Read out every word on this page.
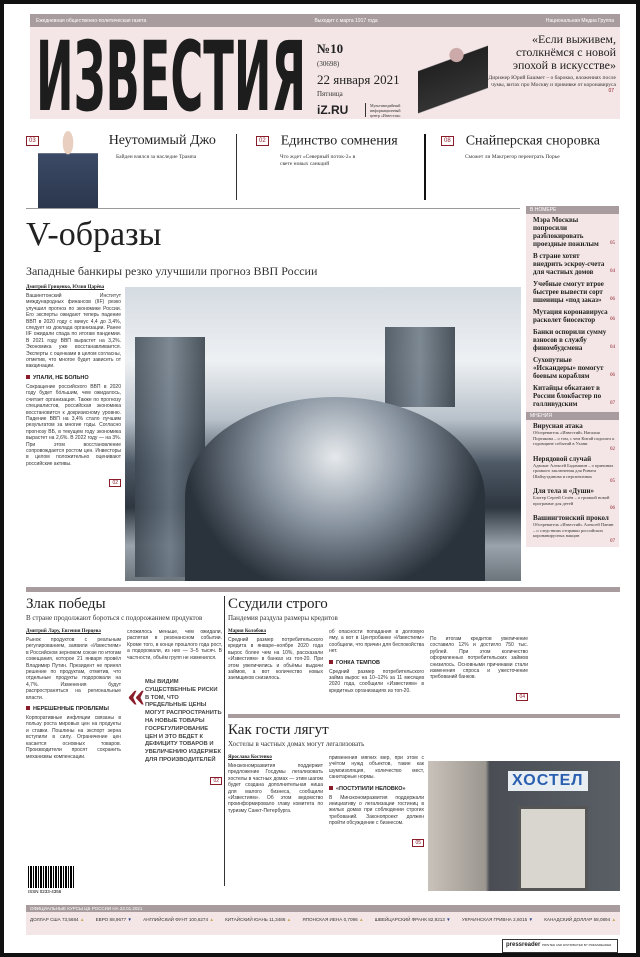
Ежедневная общественно-политическая газета	Выходит с марта 1917 года	Национальная Медиа Группа
ИЗВЕСТИЯ №10
(30698)
22 января 2021
Пятница
iZ.RU	Мультимедийный информационный центр «Известия»
«Если выживем, столкнёмся с новой эпохой в искусстве»
Дирижер Юрий Башмет – о барокко, вложениях после чумы, витах про Москву и прививке от коронавируса 07
03	Неутомимый Джо
Байден взялся за наследие Трампа
02 Единство сомнения
Что ждет «Северный поток-2» в свете новых санкций
08 Снайперская сноровка
Сможет ли Макгрегор переиграть Порье
V-образы
Западные банкиры резко улучшили прогноз ВВП России
Дмитрий Гриценко, Юлия Царёва
Вашингтонский Институт международных финансов (IIF) резко улучшил прогноз по экономике России. Его эксперты ожидают теперь падение ВВП в 2020 году с минус 4,4 до 3,4%, следует из доклада организации. Ранее IIF ожидали спада по итогам пандемии. В 2021 году ВВП вырастет на 3,2%. Экономика уже восстанавливается. Эксперты с оценками в целом согласны, отметив, что многое будет зависеть от вакцинации.
УПАЛИ, НЕ БОЛЬНО
Сокращение российского ВВП в 2020 году будет бóльшим, чем ожидалось, считает организация. Также по прогнозу специалистов, российская экономика восстановится к докризисному уровню. Падение ВВП на 3,4% стало лучшим результатом за многие годы. Согласно прогнозу ВБ, в текущем году экономика вырастет на 2,6%. В 2022 году — на 3%. При этом восстановление сопровождается ростом цен. Инвесторы в целом положительно оценивают российские активы.
02
В НОМЕРЕ
Мэра Москвы попросили разблокировать проездные пожилым	05
В стране хотят внедрить эскроу-счета для частных домов	04
Учебные смогут втрое быстрее вывести сорт пшеницы «под заказ»	06
Мутация коронавируса расколет биосектор	06
Банки оспорили сумму взносов в службу финомбудсмена	04
Сухопутные «Искандеры» помогут боевым кораблям	06
Китайцы обкатают в России блокбастер по голливудским	07
МНЕНИЯ
Вирусная атака
Обозреватель «Известий» Наталия Портякова – о том, с чем Китай подошел к годовщине событий в Ухани
02
Нерядовой случай
Адвокат Алексей Бадамшин – о причинах громкого заключения для Рината Шайхутдинова и перспективах
05
Для тела и «Души»
Блогер Сергей Селёв – о громкой новой программе для детей
06
Вашингтонский прокол
Обозреватель «Известий» Алексей Панин – о следствиях отправки российских коронавирусных вакцин
07
Злак победы
В стране продолжают бороться с подорожанием продуктов
Дмитрий Лару, Евгения Перцева
Рынок продуктов с реальным регулированием, заявили «Известиям» в Российском зерновом союзе по итогам совещания, которое 21 января провёл Владимир Путин. Президент не принял решение по продуктам, отметив, что отдельные продукты подорожали на 4,7%. Изменения будут распространяться на региональные власти.
НЕРЕШЕННЫЕ ПРОБЛЕМЫ
Корпоративные инфляции связаны в пользу роста мировых цен на продукты и ставки. Пошлины на экспорт зерна вступили в силу. Ограничение цен касается основных товаров. Производители просят сохранить механизмы компенсации.
сложилось меньше, чем ожидали, распятая в резонансном событии. Кроме того, в конце прошлого года рост, а подорожали, из них — 3–5 тысяч. В частности, объём групп не изменился.
« МЫ ВИДИМ СУЩЕСТВЕННЫЕ РИСКИ В ТОМ, ЧТО ПРЕДЕЛЬНЫЕ ЦЕНЫ МОГУТ РАСПРОСТРАНИТЬ НА НОВЫЕ ТОВАРЫ ГОСРЕГУЛИРОВАНИЕ ЦЕН И ЭТО ВЕДЕТ К ДЕФИЦИТУ ТОВАРОВ И УВЕЛИЧЕНИЮ ИЗДЕРЖЕК ДЛЯ ПРОИЗВОДИТЕЛЕЙ
02
ISSN 0233-4356
Ссудили строго
Пандемия раздула размеры кредитов
Мария Колобова
Средний размер потребительского кредита в январе–ноябре 2020 года вырос более чем на 10%, рассказали «Известиям» в банках из топ-20. При этом увеличились и объёмы выдачи займов, а вот количество новых заемщиков снизилось.
об опасности попадания в долговую яму, а вот в Центробанке «Известиям» сообщили, что причин для беспокойства нет.
ГОНКА ТЕМПОВ
Средний размер потребительского займа вырос на 10–12% за 11 месяцев 2020 года, сообщили «Известиям» в кредитных организациях из топ-20.
По итогам кредитов увеличение составило 12% и достигло 750 тыс. рублей. При этом количество оформленных потребительских займов снизилось. Основными причинами стали изменения спроса и ужесточение требований банков.
04
Как гости лягут
Хостелы в частных домах могут легализовать
Ярослава Костенко
Минэкономразвития поддержит предложение Госдумы легализовать хостелы в частных домах — этим шагом будет создана дополнительная ниша для малого бизнеса, сообщили «Известиям». Об этом ведомство проинформировало главу комитета по туризму Санкт-Петербурга.
применения мягких мер, при этом с учётом нужд объектов, такие как шумоизоляция, количество мест, санитарные нормы.
«ПОСТУПИЛИ НЕЛОВКО»
В Минэкономразвития поддержали инициативу о легализации гостиниц в жилых домах при соблюдении строгих требований. Законопроект должен пройти обсуждение с бизнесом.
05
ХОСТЕЛ
ОФИЦИАЛЬНЫЕ КУРСЫ ЦБ РОССИИ НА 22.01.2021
ДОЛЛАР США 73,5684 ▲ ЕВРО 88,9677 ▼ АНГЛИЙСКИЙ ФУНТ 100,6274 ▲ КИТАЙСКИЙ ЮАНЬ 11,3486 ▲ ЯПОНСКАЯ ИЕНА 0,7096 ▲ ШВЕЙЦАРСКИЙ ФРАНК 82,9213 ▼ УКРАИНСКАЯ ГРИВНА 2,6015 ▼ КАНАДСКИЙ ДОЛЛАР 58,0894 ▲
pressreader PRINTED AND DISTRIBUTED BY PRESSREADER
